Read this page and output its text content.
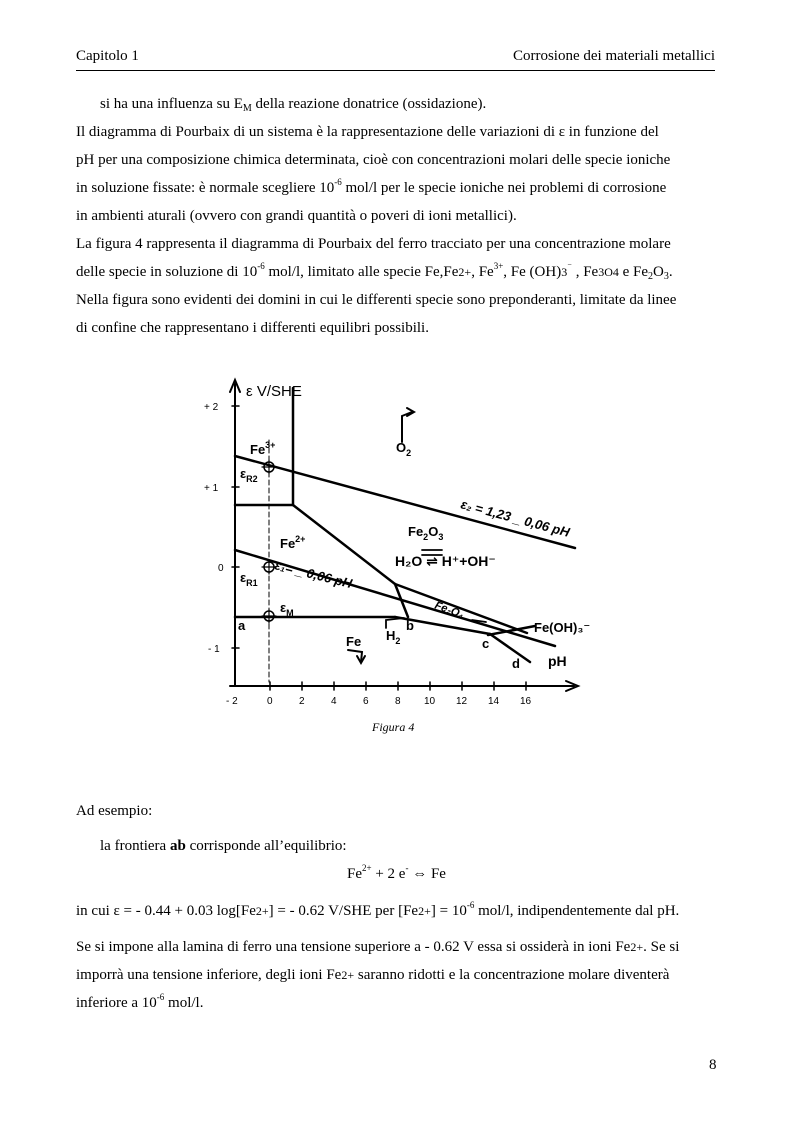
Capitolo 1	Corrosione dei materiali metallici
si ha una influenza su $E_M$ della reazione donatrice (ossidazione).
Il diagramma di Pourbaix di un sistema è la rappresentazione delle variazioni di ε in funzione del
pH per una composizione chimica determinata, cioè con concentrazioni molari delle specie ioniche
in soluzione fissate: è normale scegliere $10^{-6}$ mol/l per le specie ioniche nei problemi di corrosione
in ambienti aturali (ovvero con grandi quantità o poveri di ioni metallici).
La figura 4 rappresenta il diagramma di Pourbaix del ferro tracciato per una concentrazione molare
delle specie in soluzione di $10^{-6}$ mol/l, limitato alle specie Fe,Fe2+, $Fe^{3+}$, Fe (OH)3⁻ , Fe3O4 e $Fe_2O_3$.
Nella figura sono evidenti dei domini in cui le differenti specie sono preponderanti, limitate da linee
di confine che rappresentano i differenti equilibri possibili.
ε V/SHE
+ 2
+ 1
0
- 1
- 2	0	2	4	6	8 10 12 14 16
pH
$Fe^{3+}$
$\varepsilon_{R2}$
$Fe^{2+}$
ε₁= _ 0,06 pH
$\varepsilon_{R1}$
ε₂ = 1,23 _ 0,06 pH
$O_2$
$Fe_2O_3$
H₂O ⇌ H⁺+OH⁻
Fe₂O₄
Fe(OH)₃⁻
$\varepsilon_M$
$H_2$
Fe
a	b
c
d
Figura 4
Ad esempio:
la frontiera ab corrisponde all’equilibrio:
$Fe^{2+} + 2$ e- ⇔ Fe
in cui ε = - 0.44 + 0.03 log[Fe2+] = - 0.62 V/SHE per $[Fe2+] = 10^{-6}$ mol/l, indipendentemente dal pH.
Se si impone alla lamina di ferro una tensione superiore a - 0.62 V essa si ossiderà in ioni Fe2+. Se si
imporrà una tensione inferiore, degli ioni Fe2+ saranno ridotti e la concentrazione molare diventerà
inferiore a $10^{-6}$ mol/l.
8
